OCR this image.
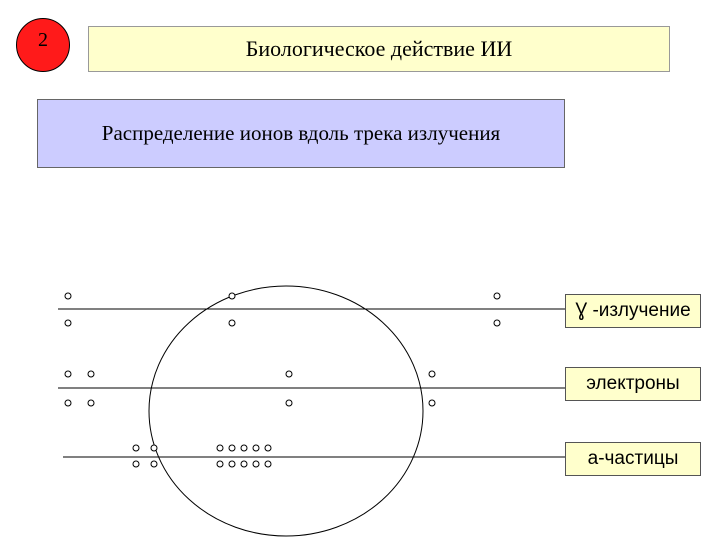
2	Биологическое действие ИИ
Распределение ионов вдоль трека излучения
Ɣ -излучение
электроны
а-частицы
